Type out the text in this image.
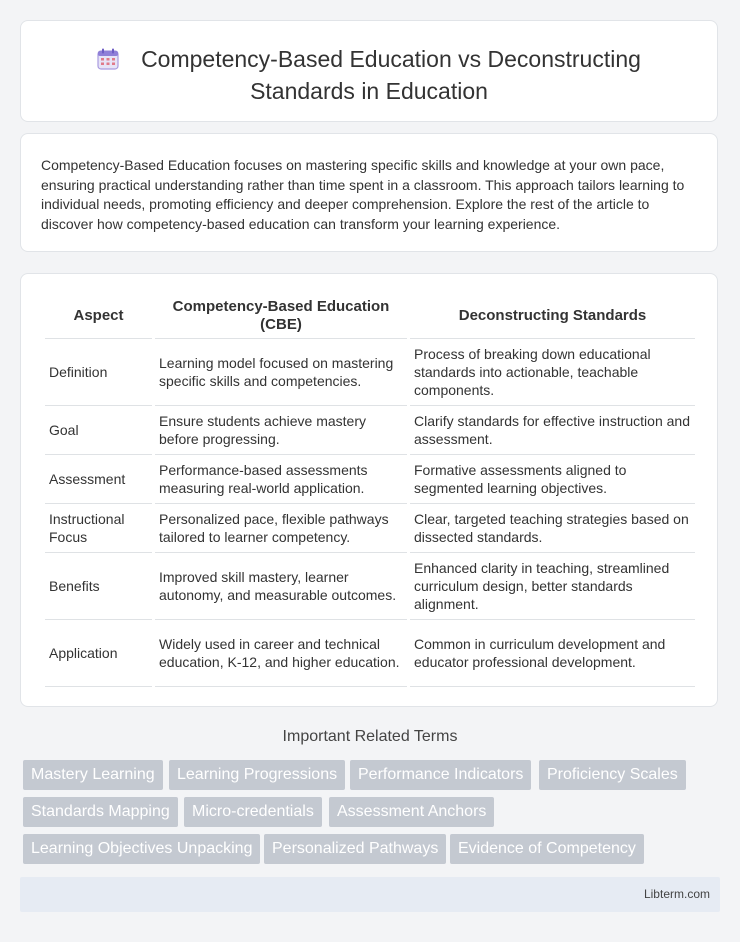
Competency-Based Education vs Deconstructing
Standards in Education

Competency-Based Education focuses on mastering specific skills and knowledge at your own pace, ensuring practical understanding rather than time spent in a classroom. This approach tailors learning to individual needs, promoting efficiency and deeper comprehension. Explore the rest of the article to discover how competency-based education can transform your learning experience.

Aspect	Competency-Based Education (CBE)	Deconstructing Standards
Definition	Learning model focused on mastering specific skills and competencies.	Process of breaking down educational standards into actionable, teachable components.
Goal	Ensure students achieve mastery before progressing.	Clarify standards for effective instruction and assessment.
Assessment	Performance-based assessments measuring real-world application.	Formative assessments aligned to segmented learning objectives.
Instructional Focus	Personalized pace, flexible pathways tailored to learner competency.	Clear, targeted teaching strategies based on dissected standards.
Benefits	Improved skill mastery, learner autonomy, and measurable outcomes.	Enhanced clarity in teaching, streamlined curriculum design, better standards alignment.
Application	Widely used in career and technical education, K-12, and higher education.	Common in curriculum development and educator professional development.
Important Related Terms
Mastery Learning	Learning Progressions	Performance Indicators	Proficiency Scales
Standards Mapping	Micro-credentials	Assessment Anchors
Learning Objectives Unpacking	Personalized Pathways	Evidence of Competency
Libterm.com
